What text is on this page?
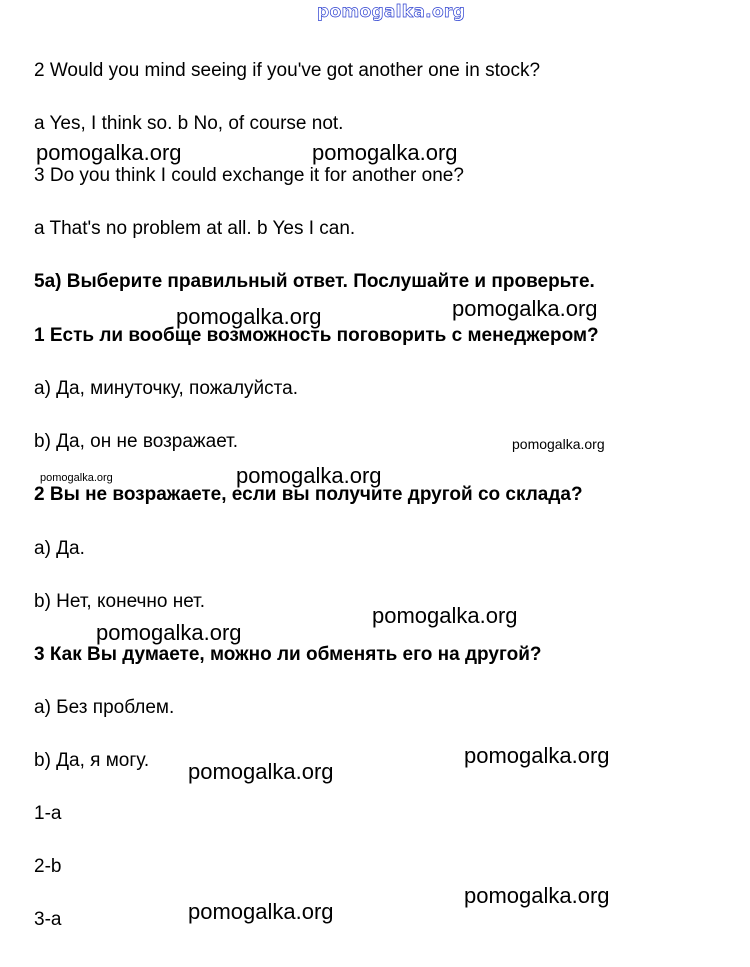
pomogalka.org
2 Would you mind seeing if you've got another one in stock?
a Yes, I think so. b No, of course not.
3 Do you think I could exchange it for another one?
a That's no problem at all. b Yes I can.
5a) Выберите правильный ответ. Послушайте и проверьте.
1 Есть ли вообще возможность поговорить с менеджером?
a) Да, минуточку, пожалуйста.
b) Да, он не возражает.
2 Вы не возражаете, если вы получите другой со склада?
a) Да.
b) Нет, конечно нет.
3 Как Вы думаете, можно ли обменять его на другой?
a) Без проблем.
b) Да, я могу.
1-a
2-b
3-a
pomogalka.org	pomogalka.org
pomogalka.org
pomogalka.org
pomogalka.org
pomogalka.org	pomogalka.org
pomogalka.org
pomogalka.org
pomogalka.org
pomogalka.org
pomogalka.org
pomogalka.org
